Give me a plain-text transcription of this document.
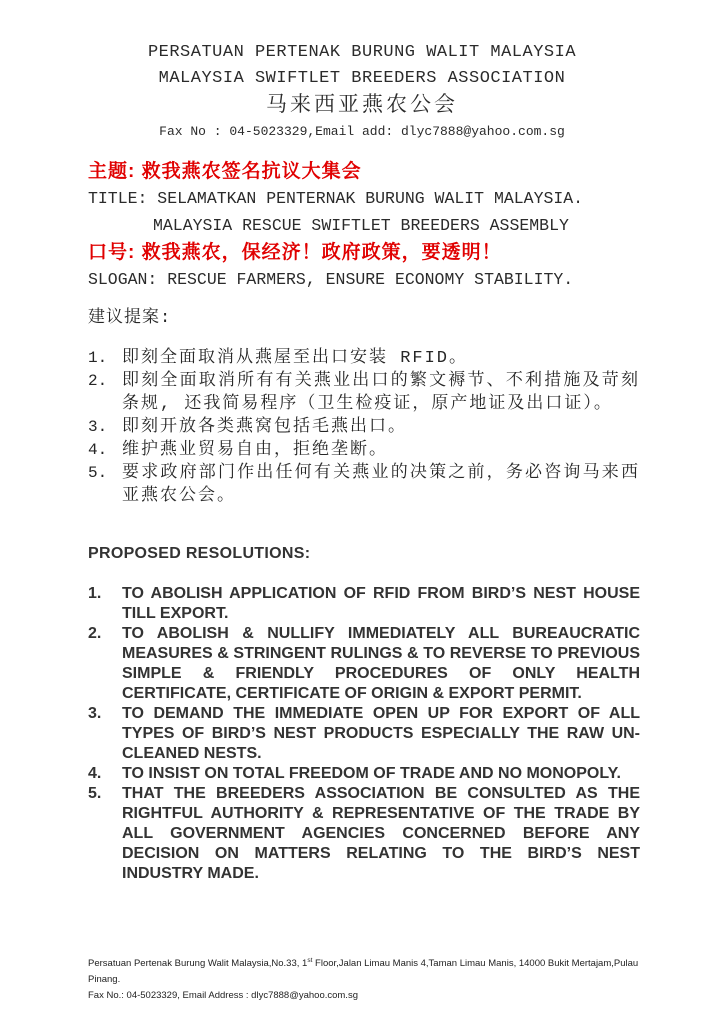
PERSATUAN PERTENAK BURUNG WALIT MALAYSIA
MALAYSIA SWIFTLET BREEDERS ASSOCIATION
马来西亚燕农公会
Fax No : 04-5023329,Email add: dlyc7888@yahoo.com.sg
主题: 救我燕农签名抗议大集会
TITLE: SELAMATKAN PENTERNAK BURUNG WALIT MALAYSIA.
MALAYSIA RESCUE SWIFTLET BREEDERS ASSEMBLY
口号: 救我燕农，保经济！政府政策，要透明！
SLOGAN: RESCUE FARMERS, ENSURE ECONOMY STABILITY.
建议提案:
1. 即刻全面取消从燕屋至出口安装 RFID。
2. 即刻全面取消所有有关燕业出口的繁文褥节、不利措施及苛刻条规, 还我简易程序（卫生检疫证，原产地证及出口证）。
3. 即刻开放各类燕窝包括毛燕出口。
4. 维护燕业贸易自由，拒绝垄断。
5. 要求政府部门作出任何有关燕业的决策之前，务必咨询马来西亚燕农公会。
PROPOSED RESOLUTIONS:
1.	TO ABOLISH APPLICATION OF RFID FROM BIRD’S NEST HOUSE TILL EXPORT.
2.	TO ABOLISH & NULLIFY IMMEDIATELY ALL BUREAUCRATIC MEASURES & STRINGENT RULINGS & TO REVERSE TO PREVIOUS SIMPLE & FRIENDLY PROCEDURES OF ONLY HEALTH CERTIFICATE, CERTIFICATE OF ORIGIN & EXPORT PERMIT.
3.	TO DEMAND THE IMMEDIATE OPEN UP FOR EXPORT OF ALL TYPES OF BIRD’S NEST PRODUCTS ESPECIALLY THE RAW UN-CLEANED NESTS.
4.	TO INSIST ON TOTAL FREEDOM OF TRADE AND NO MONOPOLY.
5.	THAT THE BREEDERS ASSOCIATION BE CONSULTED AS THE RIGHTFUL AUTHORITY & REPRESENTATIVE OF THE TRADE BY ALL GOVERNMENT AGENCIES CONCERNED BEFORE ANY DECISION ON MATTERS RELATING TO THE BIRD’S NEST INDUSTRY MADE.
Persatuan Pertenak Burung Walit Malaysia,No.33, 1st Floor,Jalan Limau Manis 4,Taman Limau Manis, 14000 Bukit Mertajam,Pulau Pinang.
Fax No.: 04-5023329, Email Address : dlyc7888@yahoo.com.sg
